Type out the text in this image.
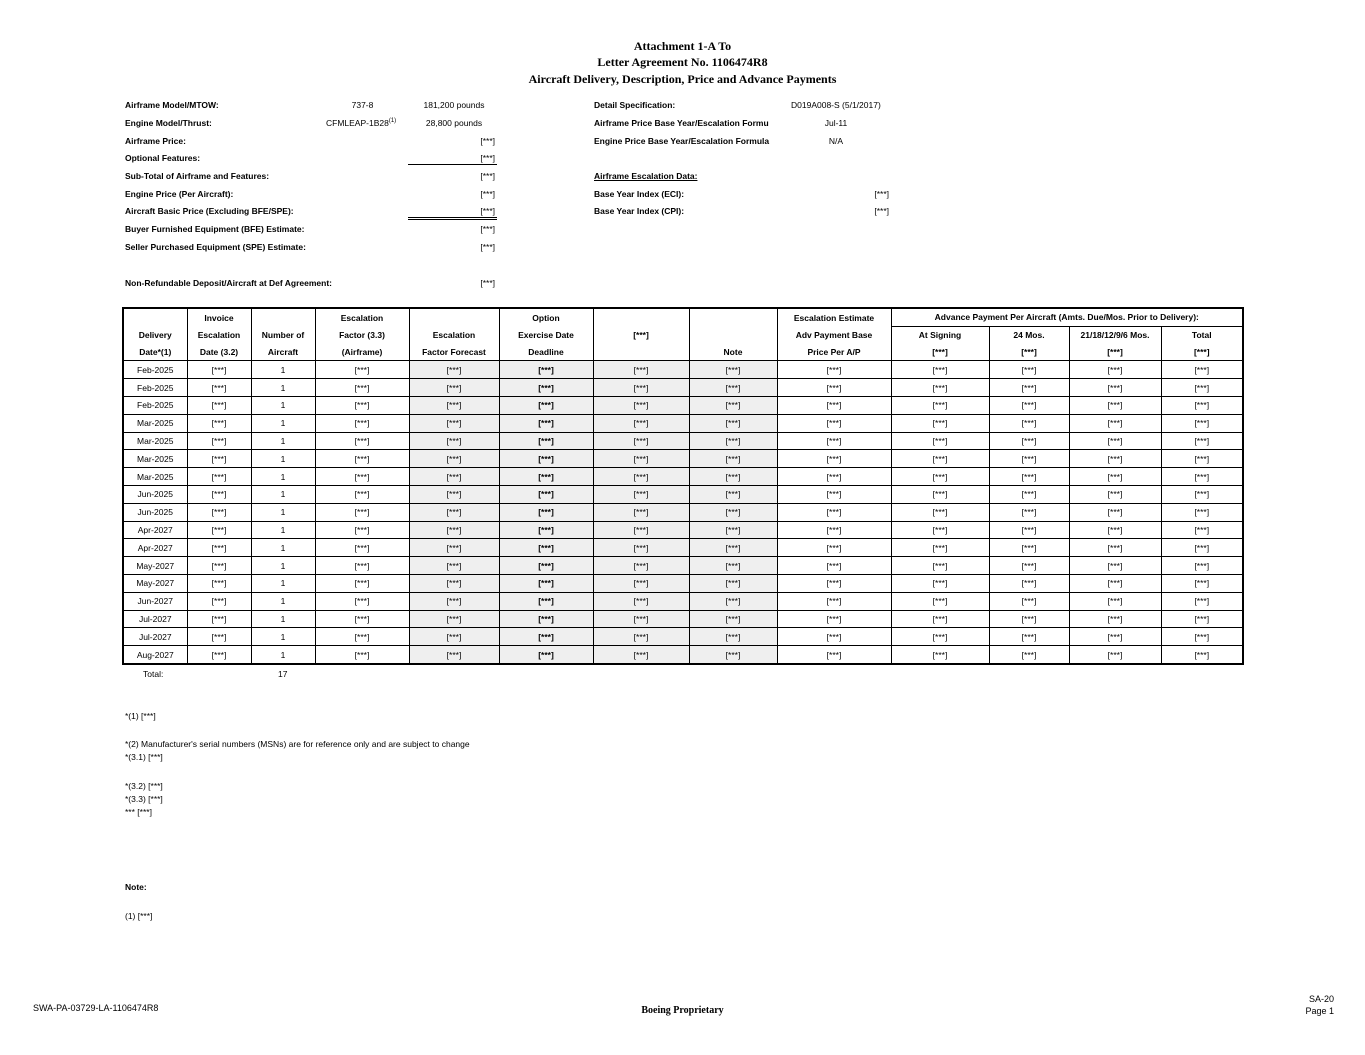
Attachment 1-A To
Letter Agreement No. 1106474R8
Aircraft Delivery, Description, Price and Advance Payments
Airframe Model/MTOW:	737-8	181,200 pounds
Engine Model/Thrust:	CFMLEAP-1B28$^{(1)}$	28,800 pounds
Airframe Price:	[***]
Optional Features:	[***]
Sub-Total of Airframe and Features:	[***]
Engine Price (Per Aircraft):	[***]
Aircraft Basic Price (Excluding BFE/SPE):	[***]
Buyer Furnished Equipment (BFE) Estimate:	[***]
Seller Purchased Equipment (SPE) Estimate:	[***]
Non-Refundable Deposit/Aircraft at Def Agreement:	[***]
Detail Specification:	D019A008-S (5/1/2017)
Airframe Price Base Year/Escalation Formu	Jul-11
Engine Price Base Year/Escalation Formula	N/A
Airframe Escalation Data:
Base Year Index (ECI):	[***]
Base Year Index (CPI):	[***]
	Invoice		Escalation		Option			Escalation Estimate	Advance Payment Per Aircraft (Amts. Due/Mos. Prior to Delivery):			
Delivery	Escalation	Number of	Factor (3.3)	Escalation	Exercise Date	[***]		Adv Payment Base	At Signing	24 Mos.	21/18/12/9/6 Mos.	Total
Date*(1)	Date (3.2)	Aircraft	(Airframe)	Factor Forecast	Deadline		Note	Price Per A/P	[***]	[***]	[***]	[***]
Feb-2025	[***]	1	[***]	[***]	[***]	[***]	[***]	[***]	[***]	[***]	[***]	[***]
Feb-2025	[***]	1	[***]	[***]	[***]	[***]	[***]	[***]	[***]	[***]	[***]	[***]
Feb-2025	[***]	1	[***]	[***]	[***]	[***]	[***]	[***]	[***]	[***]	[***]	[***]
Mar-2025	[***]	1	[***]	[***]	[***]	[***]	[***]	[***]	[***]	[***]	[***]	[***]
Mar-2025	[***]	1	[***]	[***]	[***]	[***]	[***]	[***]	[***]	[***]	[***]	[***]
Mar-2025	[***]	1	[***]	[***]	[***]	[***]	[***]	[***]	[***]	[***]	[***]	[***]
Mar-2025	[***]	1	[***]	[***]	[***]	[***]	[***]	[***]	[***]	[***]	[***]	[***]
Jun-2025	[***]	1	[***]	[***]	[***]	[***]	[***]	[***]	[***]	[***]	[***]	[***]
Jun-2025	[***]	1	[***]	[***]	[***]	[***]	[***]	[***]	[***]	[***]	[***]	[***]
Apr-2027	[***]	1	[***]	[***]	[***]	[***]	[***]	[***]	[***]	[***]	[***]	[***]
Apr-2027	[***]	1	[***]	[***]	[***]	[***]	[***]	[***]	[***]	[***]	[***]	[***]
May-2027	[***]	1	[***]	[***]	[***]	[***]	[***]	[***]	[***]	[***]	[***]	[***]
May-2027	[***]	1	[***]	[***]	[***]	[***]	[***]	[***]	[***]	[***]	[***]	[***]
Jun-2027	[***]	1	[***]	[***]	[***]	[***]	[***]	[***]	[***]	[***]	[***]	[***]
Jul-2027	[***]	1	[***]	[***]	[***]	[***]	[***]	[***]	[***]	[***]	[***]	[***]
Jul-2027	[***]	1	[***]	[***]	[***]	[***]	[***]	[***]	[***]	[***]	[***]	[***]
Aug-2027	[***]	1	[***]	[***]	[***]	[***]	[***]	[***]	[***]	[***]	[***]	[***]
Total:	17
*(1) [***]
*(2) Manufacturer's serial numbers (MSNs) are for reference only and are subject to change
*(3.1) [***]
*(3.2) [***]
*(3.3) [***]
*** [***]
Note:
(1) [***]
SWA-PA-03729-LA-1106474R8	Boeing Proprietary
SA-20
Page 1
